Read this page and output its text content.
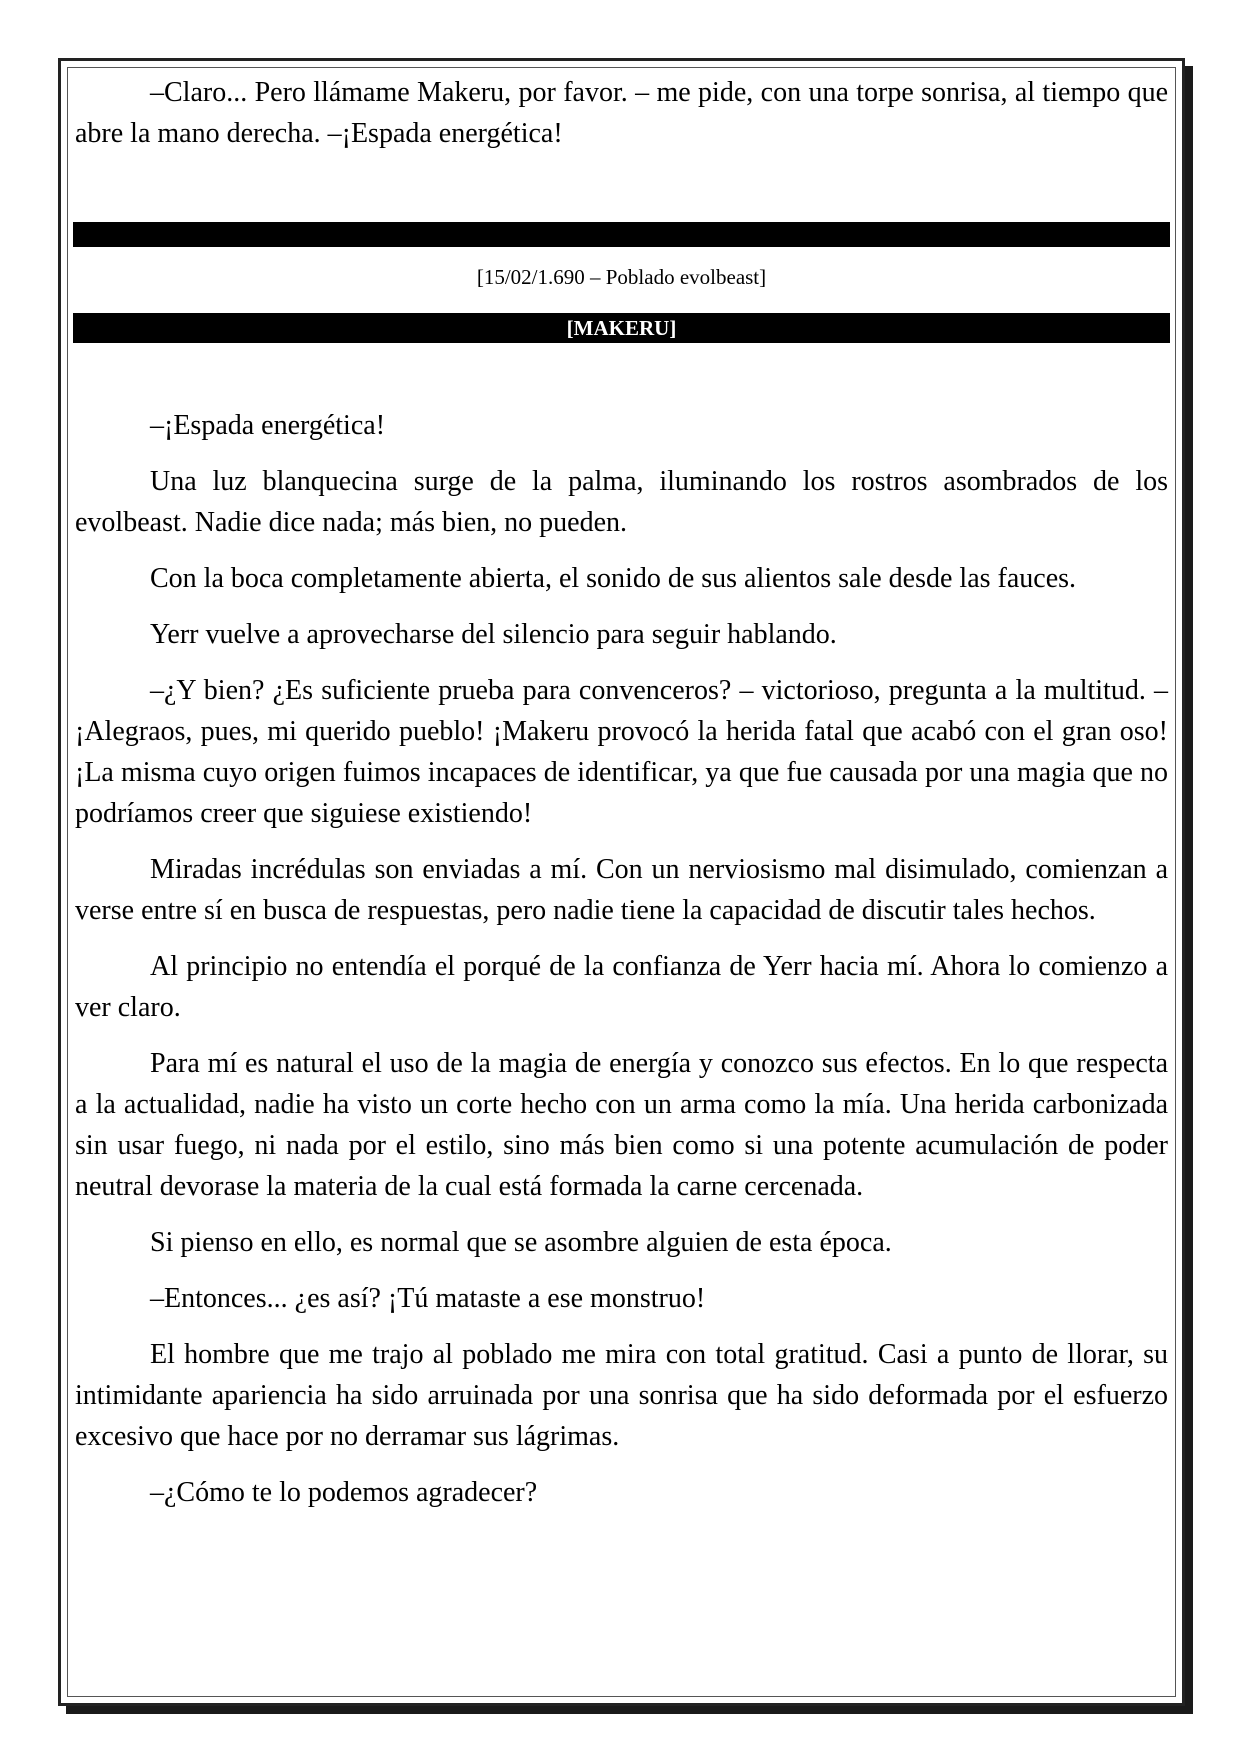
–Claro... Pero llámame Makeru, por favor. – me pide, con una torpe sonrisa, al tiempo que abre la mano derecha. –¡Espada energética!

[15/02/1.690 – Poblado evolbeast]
[MAKERU]

–¡Espada energética!

Una luz blanquecina surge de la palma, iluminando los rostros asombrados de los evolbeast. Nadie dice nada; más bien, no pueden.

Con la boca completamente abierta, el sonido de sus alientos sale desde las fauces.

Yerr vuelve a aprovecharse del silencio para seguir hablando.

–¿Y bien? ¿Es suficiente prueba para convenceros? – victorioso, pregunta a la multitud. –¡Alegraos, pues, mi querido pueblo! ¡Makeru provocó la herida fatal que acabó con el gran oso! ¡La misma cuyo origen fuimos incapaces de identificar, ya que fue causada por una magia que no podríamos creer que siguiese existiendo!

Miradas incrédulas son enviadas a mí. Con un nerviosismo mal disimulado, comienzan a verse entre sí en busca de respuestas, pero nadie tiene la capacidad de discutir tales hechos.

Al principio no entendía el porqué de la confianza de Yerr hacia mí. Ahora lo comienzo a ver claro.

Para mí es natural el uso de la magia de energía y conozco sus efectos. En lo que respecta a la actualidad, nadie ha visto un corte hecho con un arma como la mía. Una herida carbonizada sin usar fuego, ni nada por el estilo, sino más bien como si una potente acumulación de poder neutral devorase la materia de la cual está formada la carne cercenada.

Si pienso en ello, es normal que se asombre alguien de esta época.

–Entonces... ¿es así? ¡Tú mataste a ese monstruo!

El hombre que me trajo al poblado me mira con total gratitud. Casi a punto de llorar, su intimidante apariencia ha sido arruinada por una sonrisa que ha sido deformada por el esfuerzo excesivo que hace por no derramar sus lágrimas.

–¿Cómo te lo podemos agradecer?
